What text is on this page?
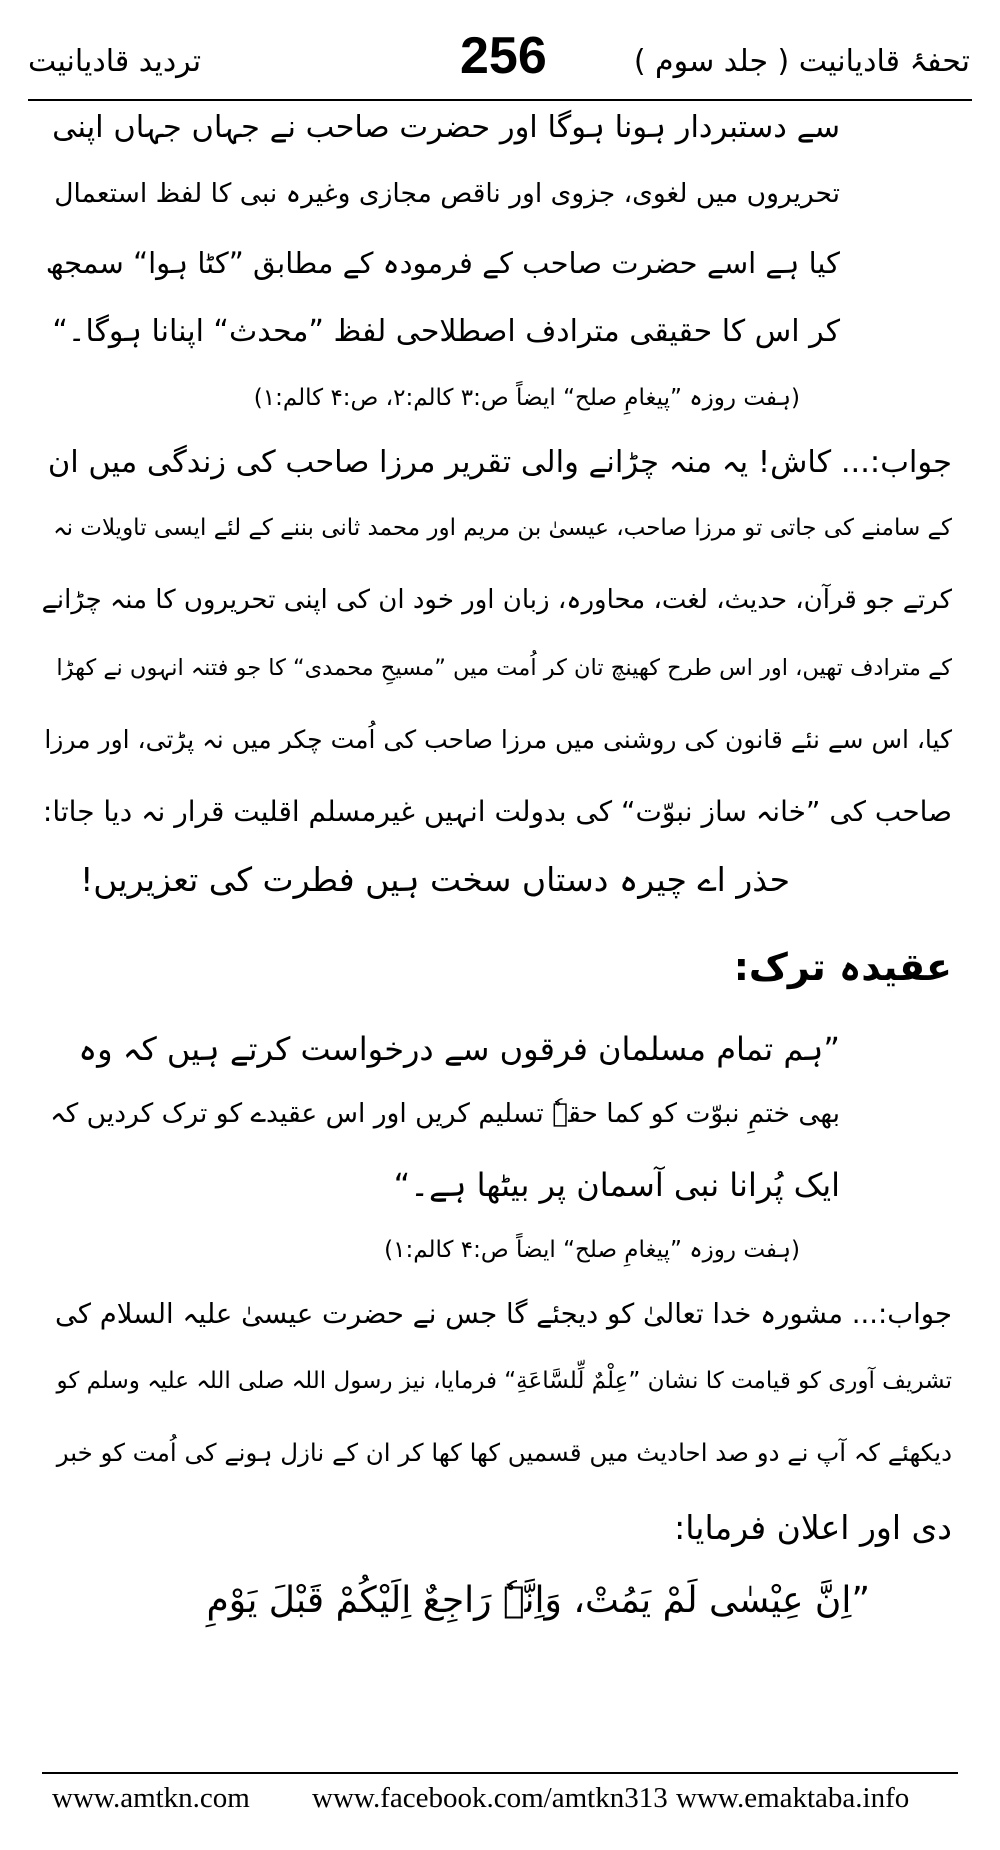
تردید قادیانیت	256	تحفۂ قادیانیت ( جلد سوم )
سے دستبردار ہونا ہوگا اور حضرت صاحب نے جہاں جہاں اپنی
تحریروں میں لغوی، جزوی اور ناقص مجازی وغیرہ نبی کا لفظ استعمال
کیا ہے اسے حضرت صاحب کے فرمودہ کے مطابق ”کٹا ہوا“ سمجھ
کر اس کا حقیقی مترادف اصطلاحی لفظ ”محدث“ اپنانا ہوگا۔“
(ہفت روزہ ”پیغامِ صلح“ ایضاً ص:۳ کالم:۲، ص:۴ کالم:۱)
جواب:... کاش! یہ منہ چڑانے والی تقریر مرزا صاحب کی زندگی میں ان
کے سامنے کی جاتی تو مرزا صاحب، عیسیٰ بن مریم اور محمد ثانی بننے کے لئے ایسی تاویلات نہ
کرتے جو قرآن، حدیث، لغت، محاورہ، زبان اور خود ان کی اپنی تحریروں کا منہ چڑانے
کے مترادف تھیں، اور اس طرح کھینچ تان کر اُمت میں ”مسیحِ محمدی“ کا جو فتنہ انہوں نے کھڑا
کیا، اس سے نئے قانون کی روشنی میں مرزا صاحب کی اُمت چکر میں نہ پڑتی، اور مرزا
صاحب کی ”خانہ ساز نبوّت“ کی بدولت انہیں غیرمسلم اقلیت قرار نہ دیا جاتا:
حذر اے چیرہ دستاں سخت ہیں فطرت کی تعزیریں!
عقیدہ ترک:
”ہم تمام مسلمان فرقوں سے درخواست کرتے ہیں کہ وہ
بھی ختمِ نبوّت کو کما حقہٗ تسلیم کریں اور اس عقیدے کو ترک کردیں کہ
ایک پُرانا نبی آسمان پر بیٹھا ہے۔“
(ہفت روزہ ”پیغامِ صلح“ ایضاً ص:۴ کالم:۱)
جواب:... مشورہ خدا تعالیٰ کو دیجئے گا جس نے حضرت عیسیٰ علیہ السلام کی
تشریف آوری کو قیامت کا نشان ”عِلْمٌ لِّلسَّاعَةِ“ فرمایا، نیز رسول اللہ صلی اللہ علیہ وسلم کو
دیکھئے کہ آپ نے دو صد احادیث میں قسمیں کھا کھا کر ان کے نازل ہونے کی اُمت کو خبر
دی اور اعلان فرمایا:
”اِنَّ عِیْسٰی لَمْ یَمُتْ، وَاِنَّہٗ رَاجِعٌ اِلَیْکُمْ قَبْلَ یَوْمِ
www.amtkn.com www.facebook.com/amtkn313 www.emaktaba.info
